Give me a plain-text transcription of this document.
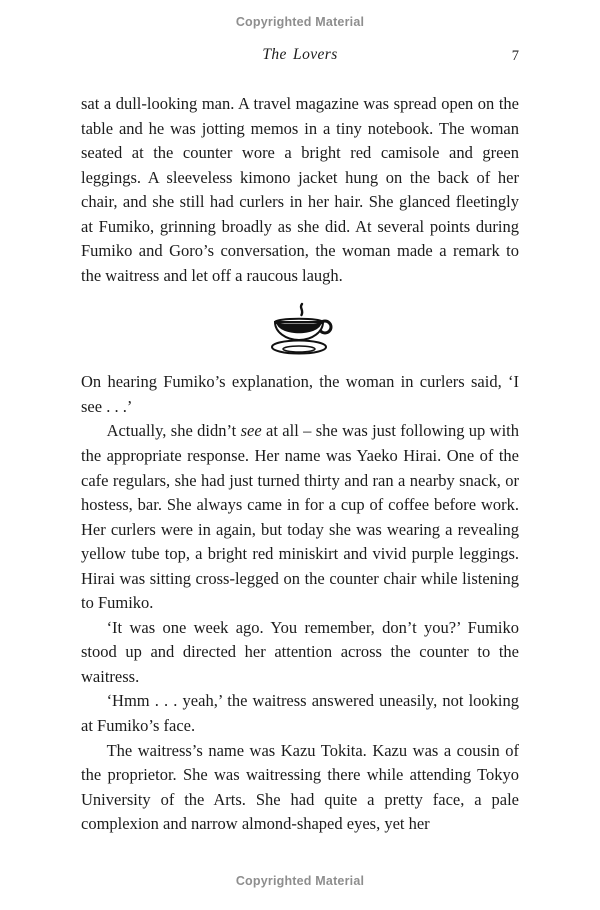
Copyrighted Material
The Lovers	7

sat a dull-looking man. A travel magazine was spread open on the table and he was jotting memos in a tiny notebook. The woman seated at the counter wore a bright red camisole and green leggings. A sleeveless kimono jacket hung on the back of her chair, and she still had curlers in her hair. She glanced fleetingly at Fumiko, grinning broadly as she did. At several points during Fumiko and Goro’s conversation, the woman made a remark to the waitress and let off a raucous laugh.

On hearing Fumiko’s explanation, the woman in curlers said, ‘I see . . .’

Actually, she didn’t see at all – she was just following up with the appropriate response. Her name was Yaeko Hirai. One of the cafe regulars, she had just turned thirty and ran a nearby snack, or hostess, bar. She always came in for a cup of coffee before work. Her curlers were in again, but today she was wearing a revealing yellow tube top, a bright red miniskirt and vivid purple leggings. Hirai was sitting cross-legged on the counter chair while listening to Fumiko.

‘It was one week ago. You remember, don’t you?’ Fumiko stood up and directed her attention across the counter to the waitress.

‘Hmm . . . yeah,’ the waitress answered uneasily, not looking at Fumiko’s face.

The waitress’s name was Kazu Tokita. Kazu was a cousin of the proprietor. She was waitressing there while attending Tokyo University of the Arts. She had quite a pretty face, a pale complexion and narrow almond-shaped eyes, yet her

Copyrighted Material
